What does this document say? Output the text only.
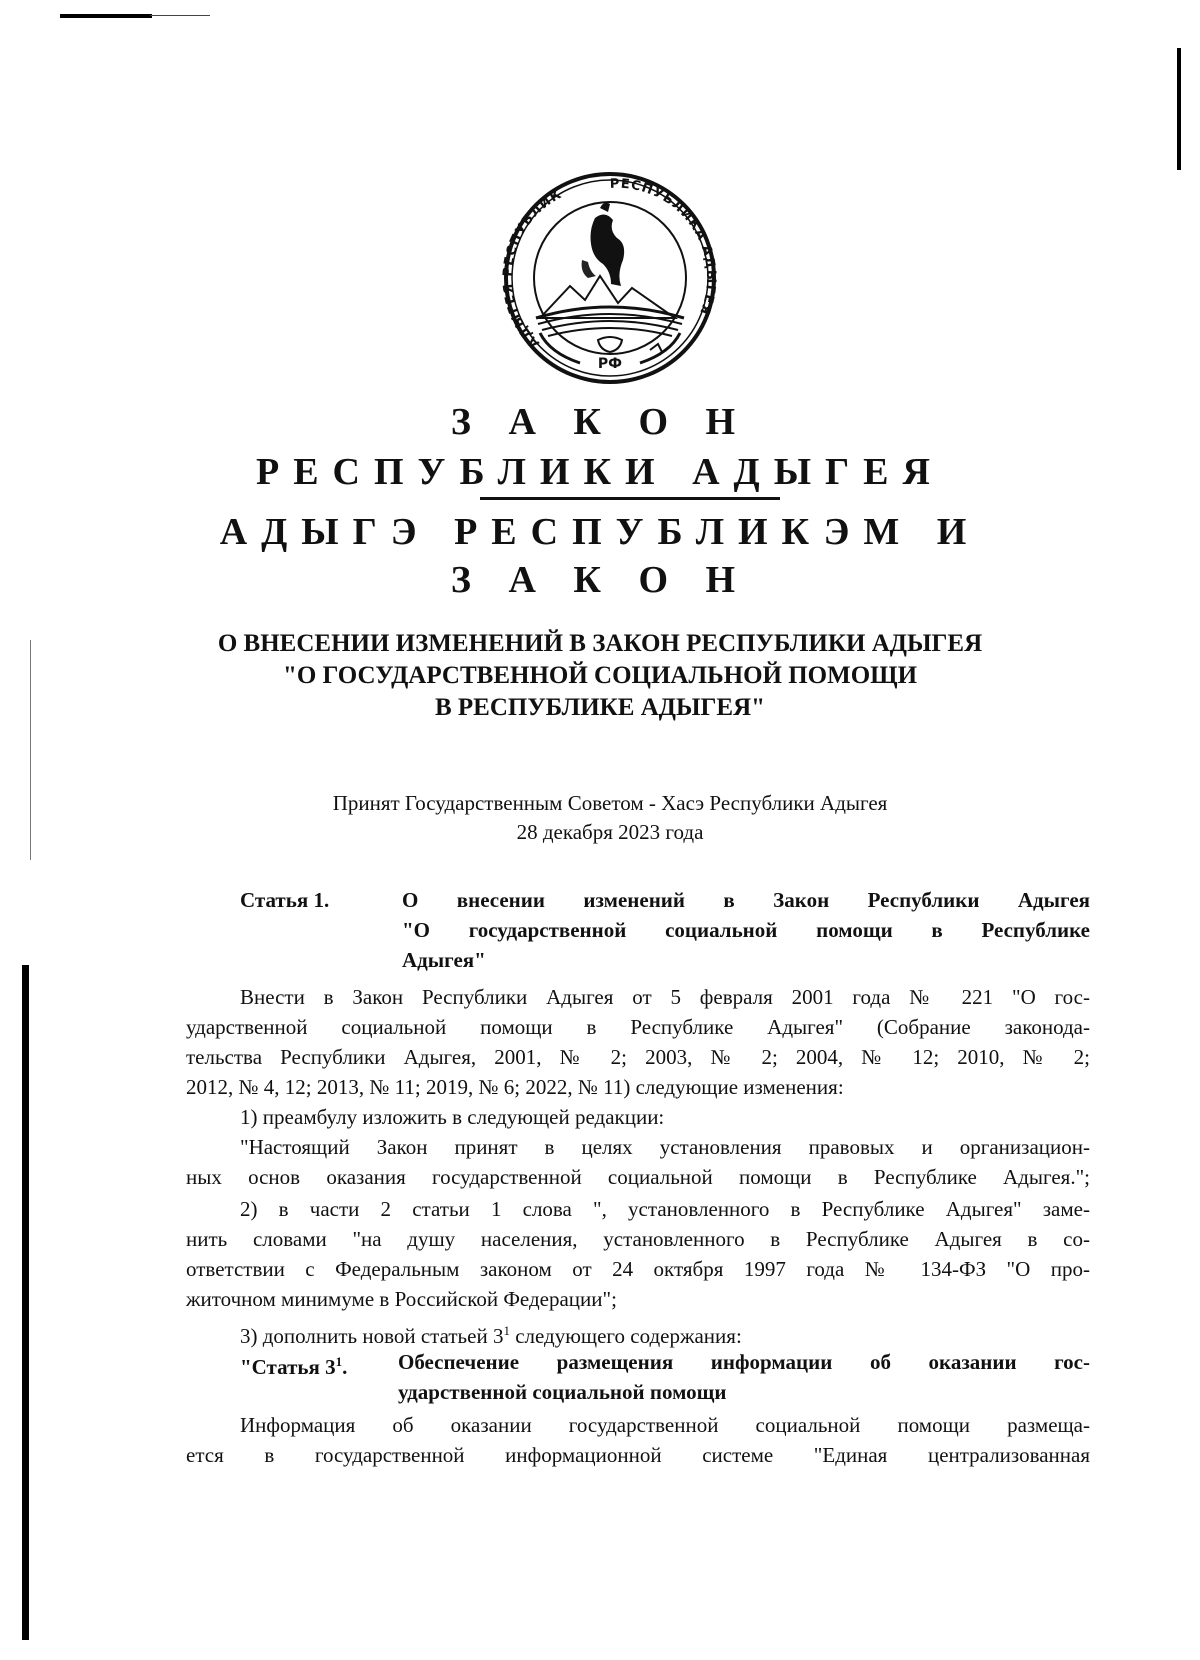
АДЫГЕЯ РЕСПУБЛИК
РЕСПУБЛИКА АДЫГЕЯ
РФ
З А К О Н
РЕСПУБЛИКИ АДЫГЕЯ
АДЫГЭ РЕСПУБЛИКЭМ И
З А К О Н
О ВНЕСЕНИИ ИЗМЕНЕНИЙ В ЗАКОН РЕСПУБЛИКИ АДЫГЕЯ
"О ГОСУДАРСТВЕННОЙ СОЦИАЛЬНОЙ ПОМОЩИ
В РЕСПУБЛИКЕ АДЫГЕЯ"
Принят Государственным Советом - Хасэ Республики Адыгея
28 декабря 2023 года
Статья 1.	О внесении изменений в Закон Республики Адыгея
"О государственной социальной помощи в Республике
Адыгея"
Внести в Закон Республики Адыгея от 5 февраля 2001 года № 221 "О гос-
ударственной социальной помощи в Республике Адыгея" (Собрание законода-
тельства Республики Адыгея, 2001, № 2; 2003, № 2; 2004, № 12; 2010, № 2;
2012, № 4, 12; 2013, № 11; 2019, № 6; 2022, № 11) следующие изменения:
1) преамбулу изложить в следующей редакции:
"Настоящий Закон принят в целях установления правовых и организацион-
ных основ оказания государственной социальной помощи в Республике Адыгея.";
2) в части 2 статьи 1 слова ", установленного в Республике Адыгея" заме-
нить словами "на душу населения, установленного в Республике Адыгея в со-
ответствии с Федеральным законом от 24 октября 1997 года № 134-ФЗ "О про-
житочном минимуме в Российской Федерации";
3) дополнить новой статьей $3^1$ следующего содержания:
"Статья $3^1$. Обеспечение размещения информации об оказании гос-
ударственной социальной помощи
Информация об оказании государственной социальной помощи размеща-
ется в государственной информационной системе "Единая централизованная
